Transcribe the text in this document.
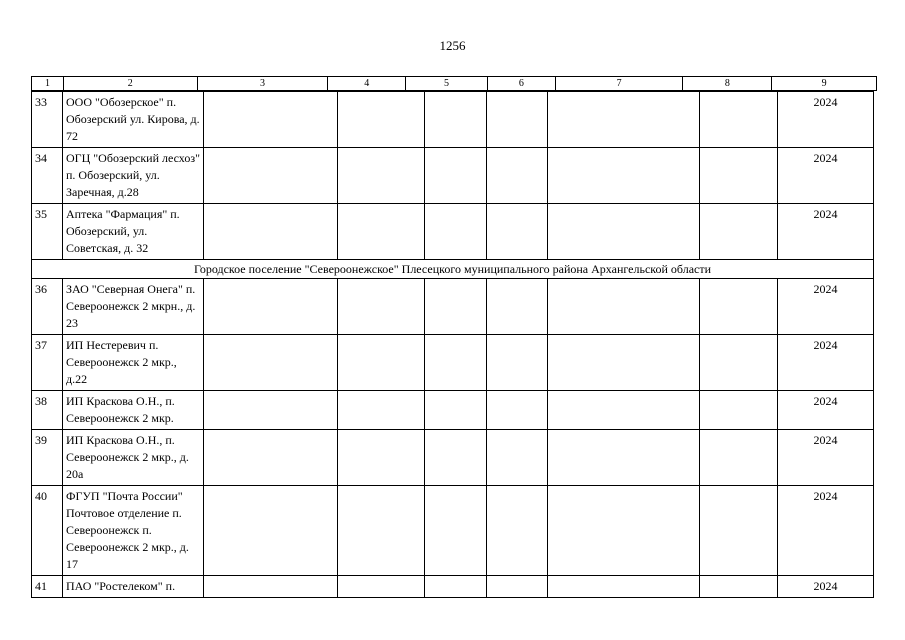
1256
1	2	3	4	5	6	7	8	9
33	ООО "Обозерское" п. Обозерский ул. Кирова, д. 72							2024
34	ОГЦ "Обозерский лесхоз" п. Обозерский, ул. Заречная, д.28							2024
35	Аптека "Фармация" п. Обозерский, ул. Советская, д. 32							2024
Городское поселение "Североонежское" Плесецкого муниципального района Архангельской области								
36	ЗАО "Северная Онега" п. Североонежск 2 мкрн., д. 23							2024
37	ИП Нестеревич п. Североонежск 2 мкр., д.22							2024
38	ИП Краскова О.Н., п. Североонежск 2 мкр.							2024
39	ИП Краскова О.Н., п. Североонежск 2 мкр., д. 20а							2024
40	ФГУП "Почта России" Почтовое отделение п. Североонежск п. Североонежск 2 мкр., д. 17							2024
41	ПАО "Ростелеком" п.							2024
